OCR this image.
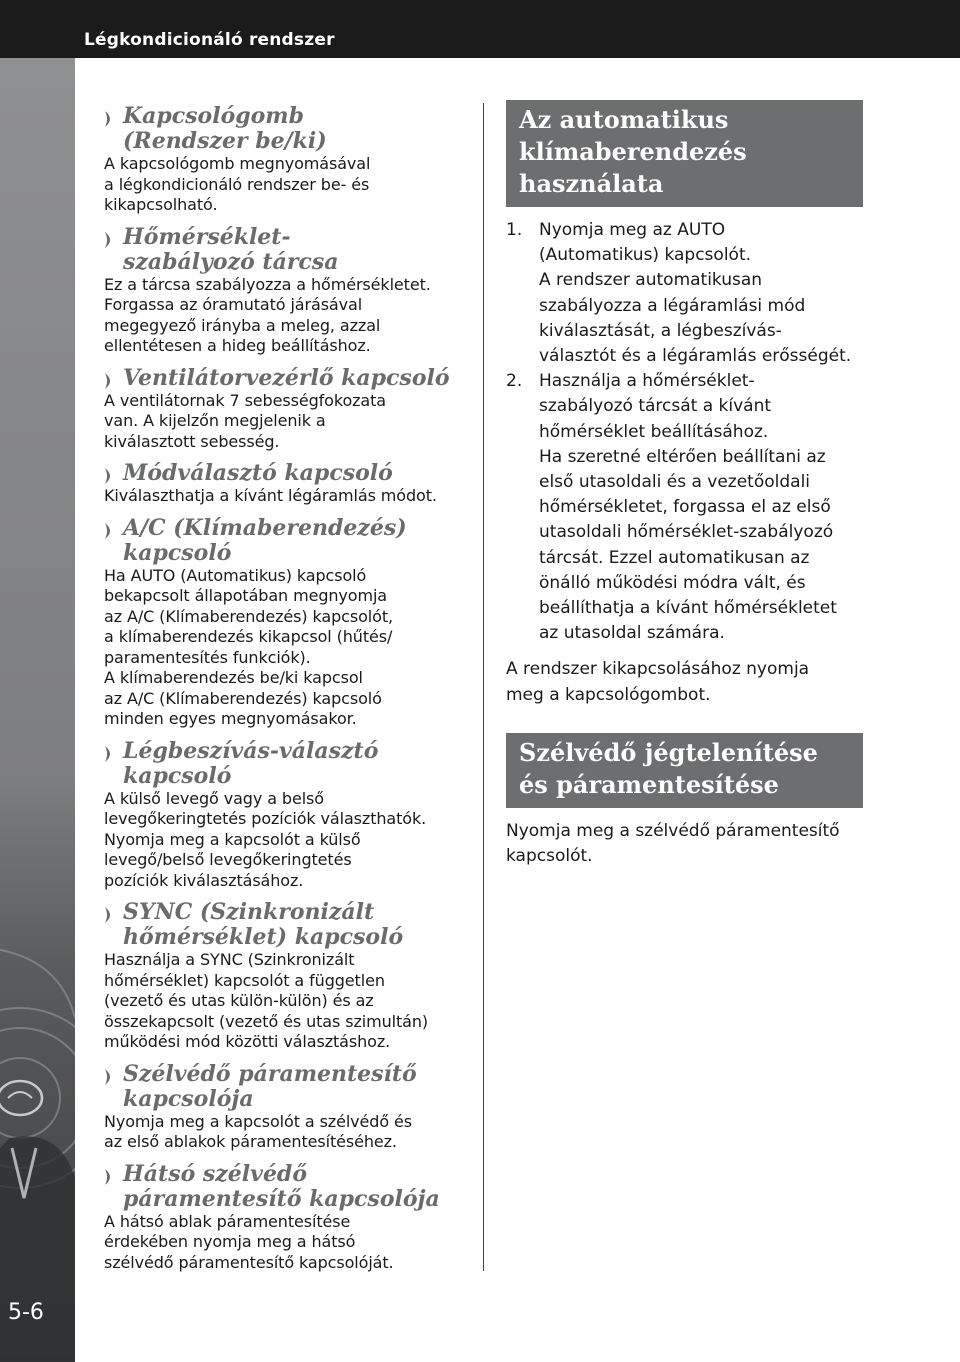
Légkondicionáló rendszer
5-6
Kapcsológomb
(Rendszer be/ki)
A kapcsológomb megnyomásával
a légkondicionáló rendszer be- és
kikapcsolható.
Hőmérséklet-
szabályozó tárcsa
Ez a tárcsa szabályozza a hőmérsékletet.
Forgassa az óramutató járásával
megegyező irányba a meleg, azzal
ellentétesen a hideg beállításhoz.
Ventilátorvezérlő kapcsoló
A ventilátornak 7 sebességfokozata
van. A kijelzőn megjelenik a
kiválasztott sebesség.
Módválasztó kapcsoló
Kiválaszthatja a kívánt légáramlás módot.
A/C (Klímaberendezés)
kapcsoló
Ha AUTO (Automatikus) kapcsoló
bekapcsolt állapotában megnyomja
az A/C (Klímaberendezés) kapcsolót,
a klímaberendezés kikapcsol (hűtés/
paramentesítés funkciók).
A klímaberendezés be/ki kapcsol
az A/C (Klímaberendezés) kapcsoló
minden egyes megnyomásakor.
Légbeszívás-választó kapcsoló
A külső levegő vagy a belső
levegőkeringtetés pozíciók választhatók.
Nyomja meg a kapcsolót a külső
levegő/belső levegőkeringtetés
pozíciók kiválasztásához.
SYNC (Szinkronizált
hőmérséklet) kapcsoló
Használja a SYNC (Szinkronizált
hőmérséklet) kapcsolót a független
(vezető és utas külön-külön) és az
összekapcsolt (vezető és utas szimultán)
működési mód közötti választáshoz.
Szélvédő páramentesítő
kapcsolója
Nyomja meg a kapcsolót a szélvédő és
az első ablakok páramentesítéséhez.
Hátsó szélvédő
páramentesítő kapcsolója
A hátsó ablak páramentesítése
érdekében nyomja meg a hátsó
szélvédő páramentesítő kapcsolóját.
Az automatikus
klímaberendezés
használata
1. Nyomja meg az AUTO
(Automatikus) kapcsolót.
A rendszer automatikusan
szabályozza a légáramlási mód
kiválasztását, a légbeszívás-
választót és a légáramlás erősségét.
2. Használja a hőmérséklet-
szabályozó tárcsát a kívánt
hőmérséklet beállításához.
Ha szeretné eltérően beállítani az
első utasoldali és a vezetőoldali
hőmérsékletet, forgassa el az első
utasoldali hőmérséklet-szabályozó
tárcsát. Ezzel automatikusan az
önálló működési módra vált, és
beállíthatja a kívánt hőmérsékletet
az utasoldal számára.
A rendszer kikapcsolásához nyomja
meg a kapcsológombot.
Szélvédő jégtelenítése
és páramentesítése
Nyomja meg a szélvédő páramentesítő
kapcsolót.
